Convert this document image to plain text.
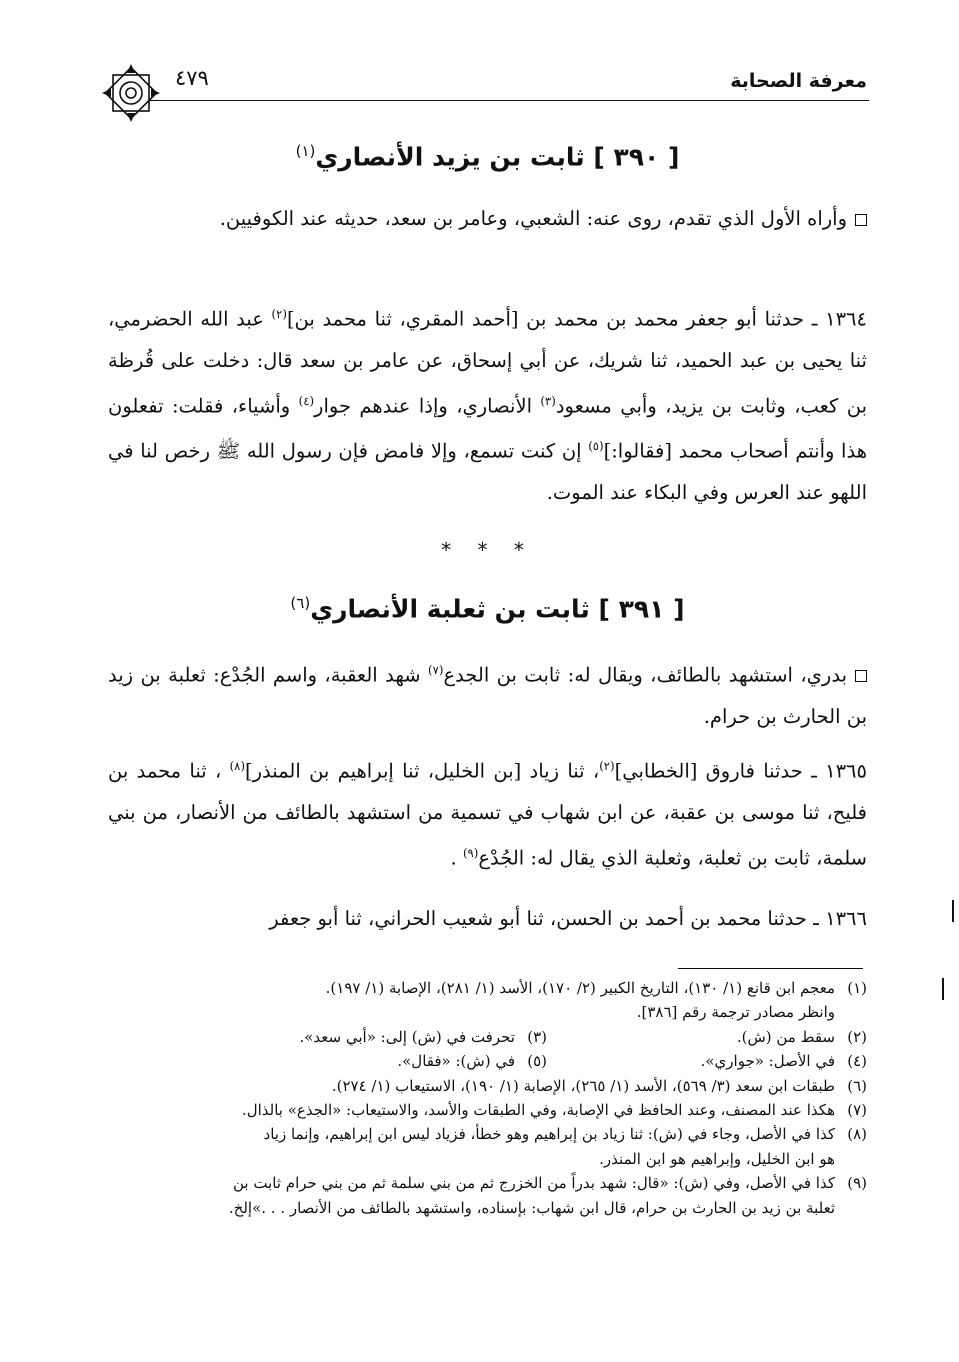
معرفة الصحابة
٤٧٩
[ ٣٩٠ ] ثابت بن يزيد الأنصاري$^{(١)}$
وأراه الأول الذي تقدم، روى عنه: الشعبي، وعامر بن سعد، حديثه عند الكوفيين.
١٣٦٤ ـ حدثنا أبو جعفر محمد بن محمد بن [أحمد المقري، ثنا محمد بن]$^{(٢)}$ عبد الله الحضرمي، ثنا يحيى بن عبد الحميد، ثنا شريك، عن أبي إسحاق، عن عامر بن سعد قال: دخلت على قُرظة بن كعب، وثابت بن يزيد، وأبي مسعود$^{(٣)}$ الأنصاري، وإذا عندهم جوار$^{(٤)}$ وأشياء، فقلت: تفعلون هذا وأنتم أصحاب محمد [فقالوا:]$^{(٥)}$ إن كنت تسمع، وإلا فامض فإن رسول الله ﷺ رخص لنا في اللهو عند العرس وفي البكاء عند الموت.
* * *
[ ٣٩١ ] ثابت بن ثعلبة الأنصاري$^{(٦)}$
بدري، استشهد بالطائف، ويقال له: ثابت بن الجدع$^{(٧)}$ شهد العقبة، واسم الجُدْع: ثعلبة بن زيد بن الحارث بن حرام.
١٣٦٥ ـ حدثنا فاروق [الخطابي]$^{(٢)}$، ثنا زياد [بن الخليل، ثنا إبراهيم بن المنذر]$^{(٨)}$ ، ثنا محمد بن فليح، ثنا موسى بن عقبة، عن ابن شهاب في تسمية من استشهد بالطائف من الأنصار، من بني سلمة، ثابت بن ثعلبة، وثعلبة الذي يقال له: الجُدْع$^{(٩)}$ .
١٣٦٦ ـ حدثنا محمد بن أحمد بن الحسن، ثنا أبو شعيب الحراني، ثنا أبو جعفر

(١)معجم ابن قانع (١/ ١٣٠)، التاريخ الكبير (٢/ ١٧٠)، الأسد (١/ ٢٨١)، الإصابة (١/ ١٩٧).

وانظر مصادر ترجمة رقم [٣٨٦].

(٢)سقط من (ش).

(٣)تحرفت في (ش) إلى: «أبي سعد».

(٤)في الأصل: «جواري».

(٥)في (ش): «فقال».

(٦)طبقات ابن سعد (٣/ ٥٦٩)، الأسد (١/ ٢٦٥)، الإصابة (١/ ١٩٠)، الاستيعاب (١/ ٢٧٤).

(٧)هكذا عند المصنف، وعند الحافظ في الإصابة، وفي الطبقات والأسد، والاستيعاب: «الجذع» بالذال.

(٨)كذا في الأصل، وجاء في (ش): ثنا زياد بن إبراهيم وهو خطأ، فزياد ليس ابن إبراهيم، وإنما زياد

هو ابن الخليل، وإبراهيم هو ابن المنذر.

(٩)كذا في الأصل، وفي (ش): «قال: شهد بدراً من الخزرج ثم من بني سلمة ثم من بني حرام ثابت بن

ثعلبة بن زيد بن الحارث بن حرام، قال ابن شهاب: بإسناده، واستشهد بالطائف من الأنصار . . .»إلخ.
